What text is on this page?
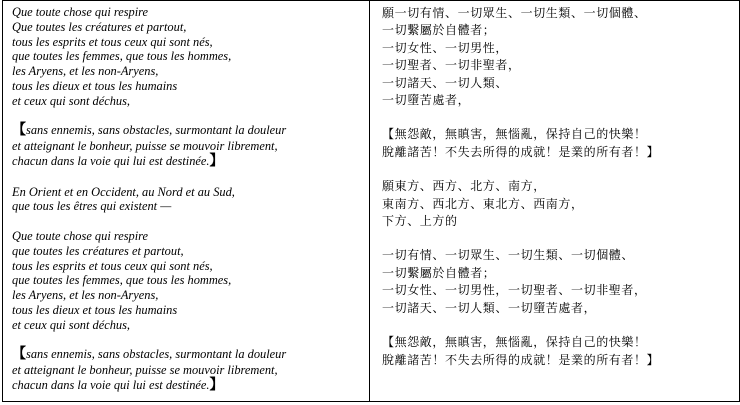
Que toute chose qui respire
Que toutes les créatures et partout,
tous les esprits et tous ceux qui sont nés,
que toutes les femmes, que tous les hommes,
les Aryens, et les non-Aryens,
tous les dieux et tous les humains
et ceux qui sont déchus,

【sans ennemis, sans obstacles, surmontant la douleur
et atteignant le bonheur, puisse se mouvoir librement,
chacun dans la voie qui lui est destinée.】

En Orient et en Occident, au Nord et au Sud,
que tous les êtres qui existent —

Que toute chose qui respire
que toutes les créatures et partout,
tous les esprits et tous ceux qui sont nés,
que toutes les femmes, que tous les hommes,
les Aryens, et les non-Aryens,
tous les dieux et tous les humains
et ceux qui sont déchus,

【sans ennemis, sans obstacles, surmontant la douleur
et atteignant le bonheur, puisse se mouvoir librement,
chacun dans la voie qui lui est destinée.】

願一切有情、一切眾生、一切生類、一切個體、
一切繫屬於自體者；
一切女性、一切男性，
一切聖者、一切非聖者，
一切諸天、一切人類、
一切墮苦處者，

【無怨敵，無瞋害，無惱亂，保持自己的快樂！
脫離諸苦！不失去所得的成就！是業的所有者！】

願東方、西方、北方、南方，
東南方、西北方、東北方、西南方，
下方、上方的

一切有情、一切眾生、一切生類、一切個體、
一切繫屬於自體者；
一切女性、一切男性，一切聖者、一切非聖者，
一切諸天、一切人類、一切墮苦處者，

【無怨敵，無瞋害，無惱亂，保持自己的快樂！
脫離諸苦！不失去所得的成就！是業的所有者！】
